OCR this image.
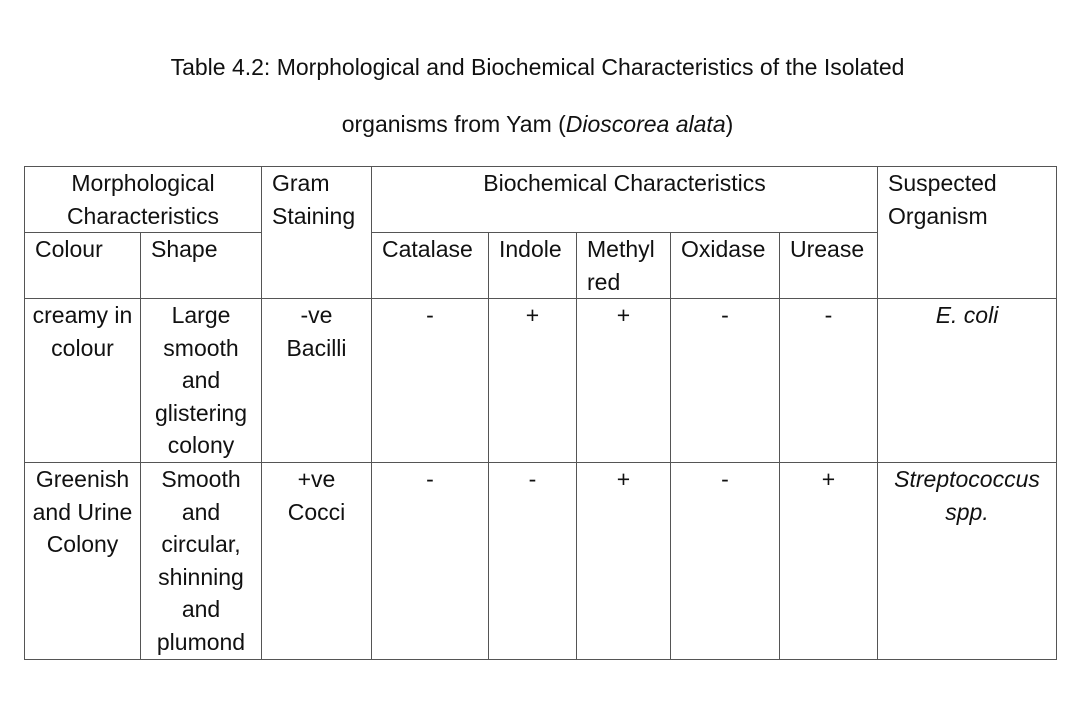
Table 4.2: Morphological and Biochemical Characteristics of the Isolated
organisms from Yam (Dioscorea alata)
Morphological Characteristics		Gram Staining	Biochemical Characteristics					Suspected Organism
Colour	Shape		Catalase	Indole	Methyl red	Oxidase	Urease	
creamy in colour	Large smooth and glistering colony	-ve Bacilli	-	+	+	-	-	E. coli
Greenish and Urine Colony	Smooth and circular, shinning and plumond	+ve Cocci	-	-	+	-	+	Streptococcus spp.
